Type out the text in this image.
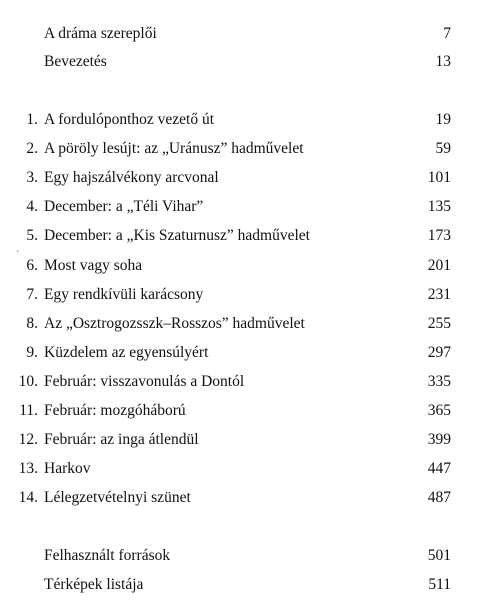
A dráma szereplői	7
Bevezetés	13
1. A fordulóponthoz vezető út	19
2. A pöröly lesújt: az „Uránusz” hadművelet	59
3. Egy hajszálvékony arcvonal	101
4. December: a „Téli Vihar”	135
5. December: a „Kis Szaturnusz” hadművelet	173
`
6. Most vagy soha	201
7. Egy rendkívüli karácsony	231
8. Az „Osztrogozsszk–Rosszos” hadművelet	255
9. Küzdelem az egyensúlyért	297
10. Február: visszavonulás a Dontól	335
11. Február: mozgóháború	365
12. Február: az inga átlendül	399
13. Harkov	447
14. Lélegzetvételnyi szünet	487
Felhasznált források	501
Térképek listája	511
